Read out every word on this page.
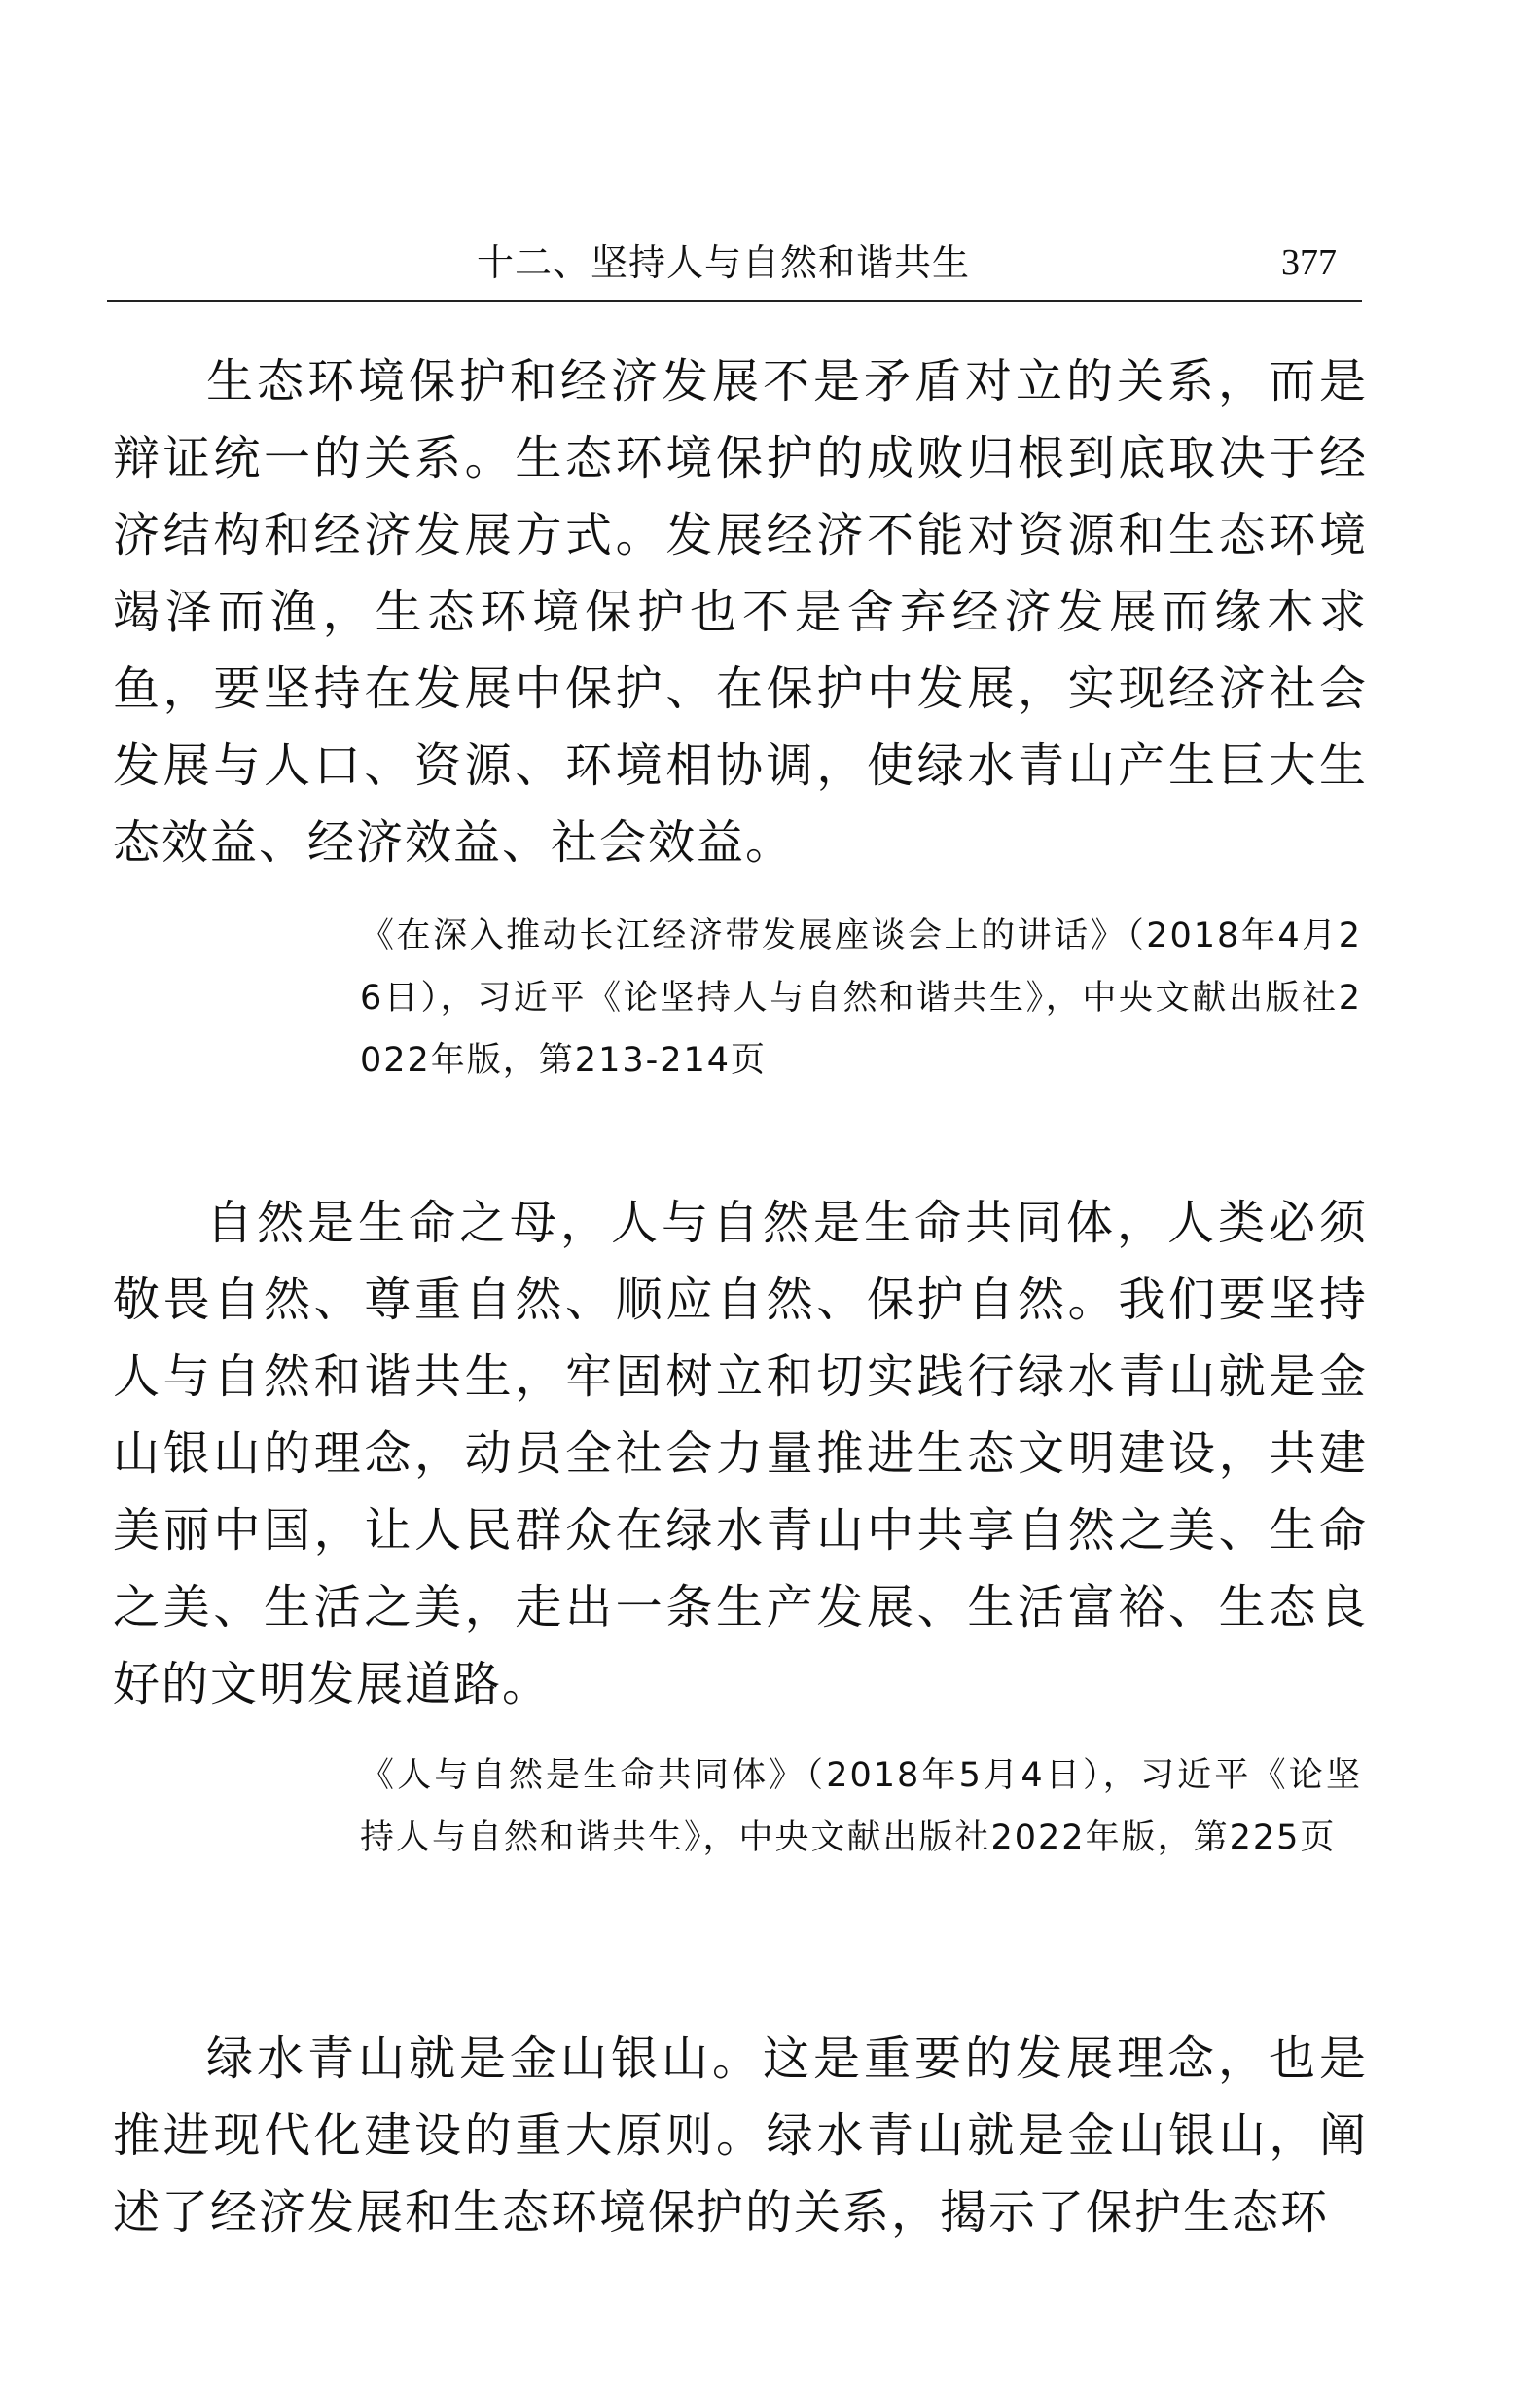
十二、坚持人与自然和谐共生	377

生态环境保护和经济发展不是矛盾对立的关系，而是辩证统一的关系。生态环境保护的成败归根到底取决于经济结构和经济发展方式。发展经济不能对资源和生态环境竭泽而渔，生态环境保护也不是舍弃经济发展而缘木求鱼，要坚持在发展中保护、在保护中发展，实现经济社会发展与人口、资源、环境相协调，使绿水青山产生巨大生态效益、经济效益、社会效益。

《在深入推动长江经济带发展座谈会上的讲话》（2018年4月26日），习近平《论坚持人与自然和谐共生》，中央文献出版社2022年版，第213-214页

自然是生命之母，人与自然是生命共同体，人类必须敬畏自然、尊重自然、顺应自然、保护自然。我们要坚持人与自然和谐共生，牢固树立和切实践行绿水青山就是金山银山的理念，动员全社会力量推进生态文明建设，共建美丽中国，让人民群众在绿水青山中共享自然之美、生命之美、生活之美，走出一条生产发展、生活富裕、生态良好的文明发展道路。

《人与自然是生命共同体》（2018年5月4日），习近平《论坚持人与自然和谐共生》，中央文献出版社2022年版，第225页

绿水青山就是金山银山。这是重要的发展理念，也是推进现代化建设的重大原则。绿水青山就是金山银山，阐述了经济发展和生态环境保护的关系，揭示了保护生态环
